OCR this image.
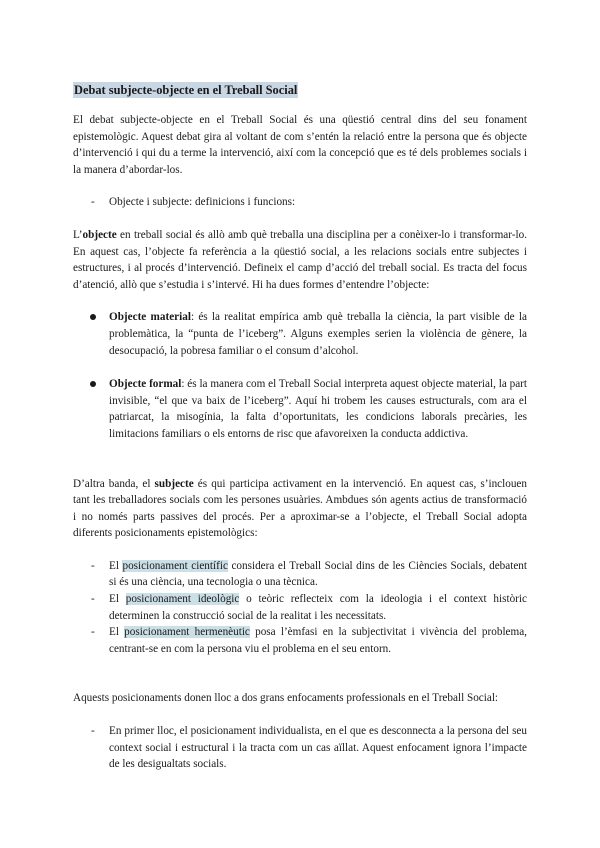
Debat subjecte-objecte en el Treball Social

El debat subjecte-objecte en el Treball Social és una qüestió central dins del seu fonament epistemològic. Aquest debat gira al voltant de com s’entén la relació entre la persona que és objecte d’intervenció i qui du a terme la intervenció, així com la concepció que es té dels problemes socials i la manera d’abordar-los.

- Objecte i subjecte: definicions i funcions:

L’objecte en treball social és allò amb què treballa una disciplina per a conèixer-lo i transformar-lo. En aquest cas, l’objecte fa referència a la qüestió social, a les relacions socials entre subjectes i estructures, i al procés d’intervenció. Defineix el camp d’acció del treball social. Es tracta del focus d’atenció, allò que s’estudia i s’intervé. Hi ha dues formes d’entendre l’objecte:

Objecte material: és la realitat empírica amb què treballa la ciència, la part visible de la problemàtica, la “punta de l’iceberg”. Alguns exemples serien la violència de gènere, la desocupació, la pobresa familiar o el consum d’alcohol.
Objecte formal: és la manera com el Treball Social interpreta aquest objecte material, la part invisible, “el que va baix de l’iceberg”. Aquí hi trobem les causes estructurals, com ara el patriarcat, la misogínia, la falta d’oportunitats, les condicions laborals precàries, les limitacions familiars o els entorns de risc que afavoreixen la conducta addictiva.

D’altra banda, el subjecte és qui participa activament en la intervenció. En aquest cas, s’inclouen tant les treballadores socials com les persones usuàries. Ambdues són agents actius de transformació i no només parts passives del procés. Per a aproximar-se a l’objecte, el Treball Social adopta diferents posicionaments epistemològics:

- El posicionament científic considera el Treball Social dins de les Ciències Socials, debatent si és una ciència, una tecnologia o una tècnica.
- El posicionament ideològic o teòric reflecteix com la ideologia i el context històric determinen la construcció social de la realitat i les necessitats.
- El posicionament hermenèutic posa l’èmfasi en la subjectivitat i vivència del problema, centrant-se en com la persona viu el problema en el seu entorn.

Aquests posicionaments donen lloc a dos grans enfocaments professionals en el Treball Social:

- En primer lloc, el posicionament individualista, en el que es desconnecta a la persona del seu context social i estructural i la tracta com un cas aïllat. Aquest enfocament ignora l’impacte de les desigualtats socials.
